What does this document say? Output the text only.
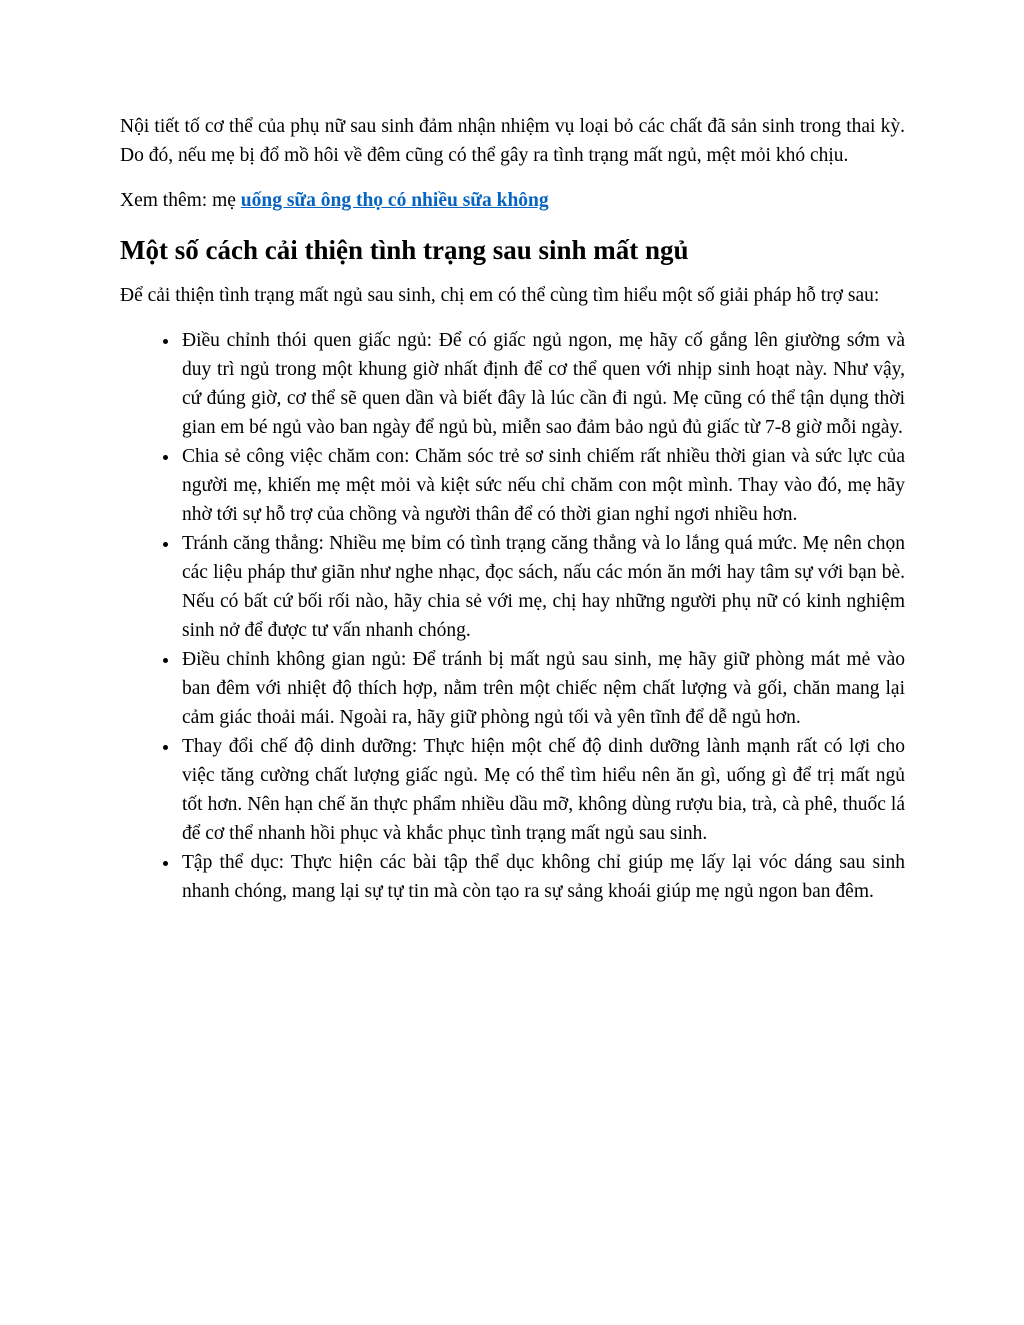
Nội tiết tố cơ thể của phụ nữ sau sinh đảm nhận nhiệm vụ loại bỏ các chất đã sản sinh trong thai kỳ. Do đó, nếu mẹ bị đổ mồ hôi về đêm cũng có thể gây ra tình trạng mất ngủ, mệt mỏi khó chịu.

Xem thêm: mẹ uống sữa ông thọ có nhiều sữa không

Một số cách cải thiện tình trạng sau sinh mất ngủ

Để cải thiện tình trạng mất ngủ sau sinh, chị em có thể cùng tìm hiểu một số giải pháp hỗ trợ sau:

• Điều chỉnh thói quen giấc ngủ: Để có giấc ngủ ngon, mẹ hãy cố gắng lên giường sớm và duy trì ngủ trong một khung giờ nhất định để cơ thể quen với nhịp sinh hoạt này. Như vậy, cứ đúng giờ, cơ thể sẽ quen dần và biết đây là lúc cần đi ngủ. Mẹ cũng có thể tận dụng thời gian em bé ngủ vào ban ngày để ngủ bù, miễn sao đảm bảo ngủ đủ giấc từ 7-8 giờ mỗi ngày.
• Chia sẻ công việc chăm con: Chăm sóc trẻ sơ sinh chiếm rất nhiều thời gian và sức lực của người mẹ, khiến mẹ mệt mỏi và kiệt sức nếu chỉ chăm con một mình. Thay vào đó, mẹ hãy nhờ tới sự hỗ trợ của chồng và người thân để có thời gian nghỉ ngơi nhiều hơn.
• Tránh căng thẳng: Nhiều mẹ bỉm có tình trạng căng thẳng và lo lắng quá mức. Mẹ nên chọn các liệu pháp thư giãn như nghe nhạc, đọc sách, nấu các món ăn mới hay tâm sự với bạn bè. Nếu có bất cứ bối rối nào, hãy chia sẻ với mẹ, chị hay những người phụ nữ có kinh nghiệm sinh nở để được tư vấn nhanh chóng.
• Điều chỉnh không gian ngủ: Để tránh bị mất ngủ sau sinh, mẹ hãy giữ phòng mát mẻ vào ban đêm với nhiệt độ thích hợp, nằm trên một chiếc nệm chất lượng và gối, chăn mang lại cảm giác thoải mái. Ngoài ra, hãy giữ phòng ngủ tối và yên tĩnh để dễ ngủ hơn.
• Thay đổi chế độ dinh dưỡng: Thực hiện một chế độ dinh dưỡng lành mạnh rất có lợi cho việc tăng cường chất lượng giấc ngủ. Mẹ có thể tìm hiểu nên ăn gì, uống gì để trị mất ngủ tốt hơn. Nên hạn chế ăn thực phẩm nhiều dầu mỡ, không dùng rượu bia, trà, cà phê, thuốc lá để cơ thể nhanh hồi phục và khắc phục tình trạng mất ngủ sau sinh.
• Tập thể dục: Thực hiện các bài tập thể dục không chỉ giúp mẹ lấy lại vóc dáng sau sinh nhanh chóng, mang lại sự tự tin mà còn tạo ra sự sảng khoái giúp mẹ ngủ ngon ban đêm.
